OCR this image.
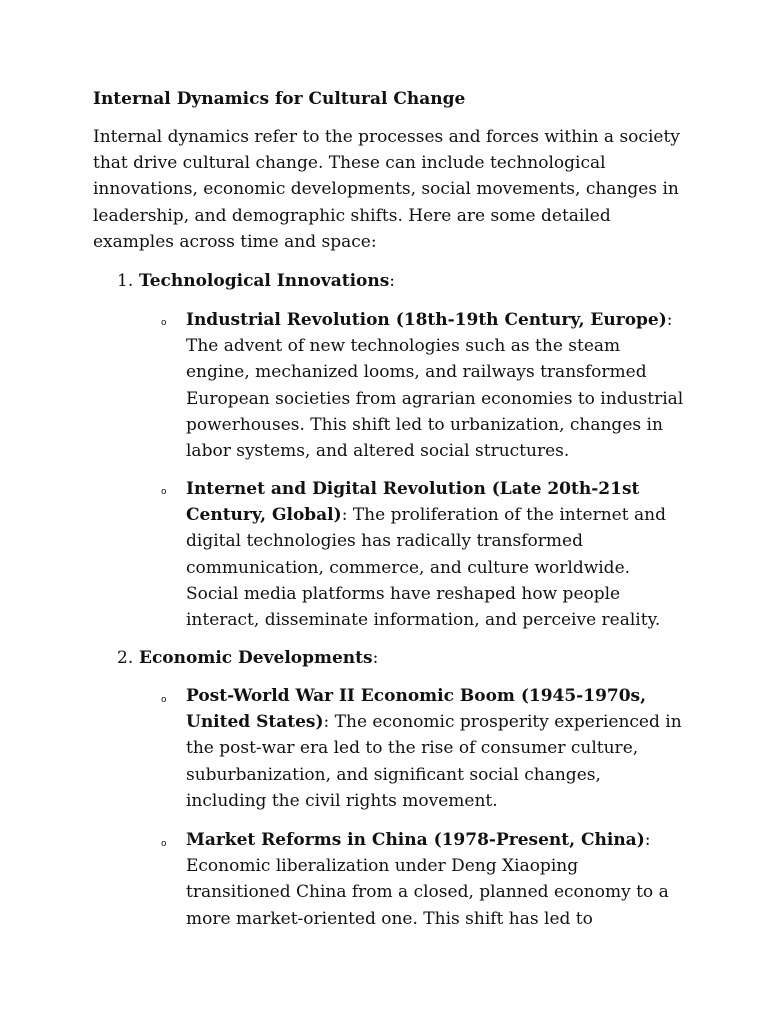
Internal Dynamics for Cultural Change

Internal dynamics refer to the processes and forces within a society that drive cultural change. These can include technological innovations, economic developments, social movements, changes in leadership, and demographic shifts. Here are some detailed examples across time and space:

1. Technological Innovations:

o Industrial Revolution (18th-19th Century, Europe): The advent of new technologies such as the steam engine, mechanized looms, and railways transformed European societies from agrarian economies to industrial powerhouses. This shift led to urbanization, changes in labor systems, and altered social structures.

o Internet and Digital Revolution (Late 20th-21st Century, Global): The proliferation of the internet and digital technologies has radically transformed communication, commerce, and culture worldwide. Social media platforms have reshaped how people interact, disseminate information, and perceive reality.

2. Economic Developments:

o Post-World War II Economic Boom (1945-1970s, United States): The economic prosperity experienced in the post-war era led to the rise of consumer culture, suburbanization, and significant social changes, including the civil rights movement.

o Market Reforms in China (1978-Present, China): Economic liberalization under Deng Xiaoping transitioned China from a closed, planned economy to a more market-oriented one. This shift has led to
